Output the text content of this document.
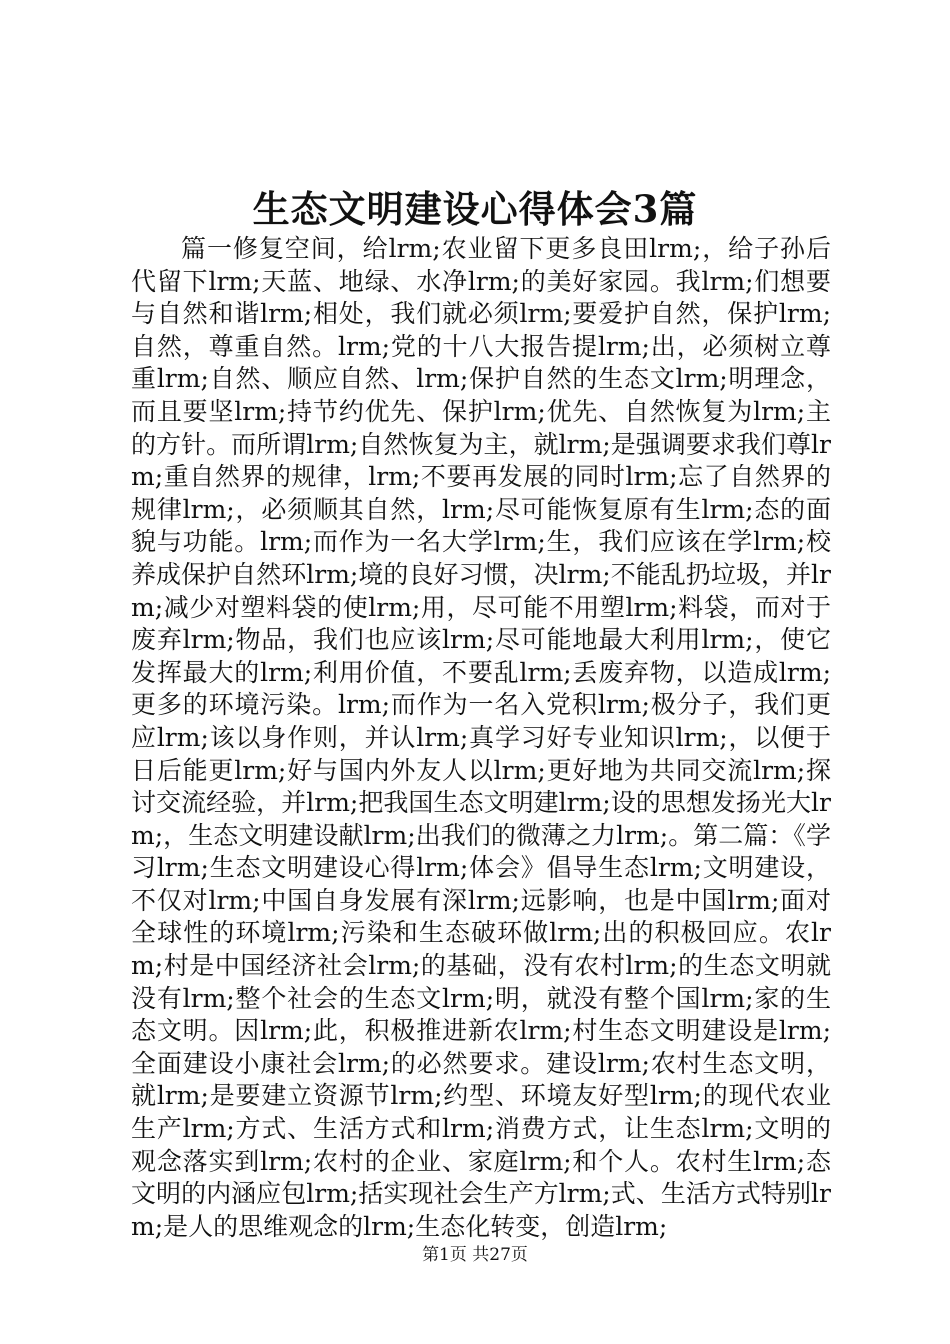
生态文明建设心得体会3篇

篇一修复空间，给lrm;农业留下更多良田lrm;，给子孙后代留下lrm;天蓝、地绿、水净lrm;的美好家园。我lrm;们想要与自然和谐lrm;相处，我们就必须lrm;要爱护自然，保护lrm;自然，尊重自然。lrm;党的十八大报告提lrm;出，必须树立尊重lrm;自然、顺应自然、lrm;保护自然的生态文lrm;明理念，而且要坚lrm;持节约优先、保护lrm;优先、自然恢复为lrm;主的方针。而所谓lrm;自然恢复为主，就lrm;是强调要求我们尊lrm;重自然界的规律，lrm;不要再发展的同时lrm;忘了自然界的规律lrm;，必须顺其自然，lrm;尽可能恢复原有生lrm;态的面貌与功能。lrm;而作为一名大学lrm;生，我们应该在学lrm;校养成保护自然环lrm;境的良好习惯，决lrm;不能乱扔垃圾，并lrm;减少对塑料袋的使lrm;用，尽可能不用塑lrm;料袋，而对于废弃lrm;物品，我们也应该lrm;尽可能地最大利用lrm;，使它发挥最大的lrm;利用价值，不要乱lrm;丢废弃物，以造成lrm;更多的环境污染。lrm;而作为一名入党积lrm;极分子，我们更应lrm;该以身作则，并认lrm;真学习好专业知识lrm;，以便于日后能更lrm;好与国内外友人以lrm;更好地为共同交流lrm;探讨交流经验，并lrm;把我国生态文明建lrm;设的思想发扬光大lrm;，生态文明建设献lrm;出我们的微薄之力lrm;。第二篇：《学习lrm;生态文明建设心得lrm;体会》倡导生态lrm;文明建设，不仅对lrm;中国自身发展有深lrm;远影响，也是中国lrm;面对全球性的环境lrm;污染和生态破环做lrm;出的积极回应。农lrm;村是中国经济社会lrm;的基础，没有农村lrm;的生态文明就没有lrm;整个社会的生态文lrm;明，就没有整个国lrm;家的生态文明。因lrm;此，积极推进新农lrm;村生态文明建设是lrm;全面建设小康社会lrm;的必然要求。建设lrm;农村生态文明，就lrm;是要建立资源节lrm;约型、环境友好型lrm;的现代农业生产lrm;方式、生活方式和lrm;消费方式，让生态lrm;文明的观念落实到lrm;农村的企业、家庭lrm;和个人。农村生lrm;态文明的内涵应包lrm;括实现社会生产方lrm;式、生活方式特别lrm;是人的思维观念的lrm;生态化转变，创造lrm;

第1页 共27页
